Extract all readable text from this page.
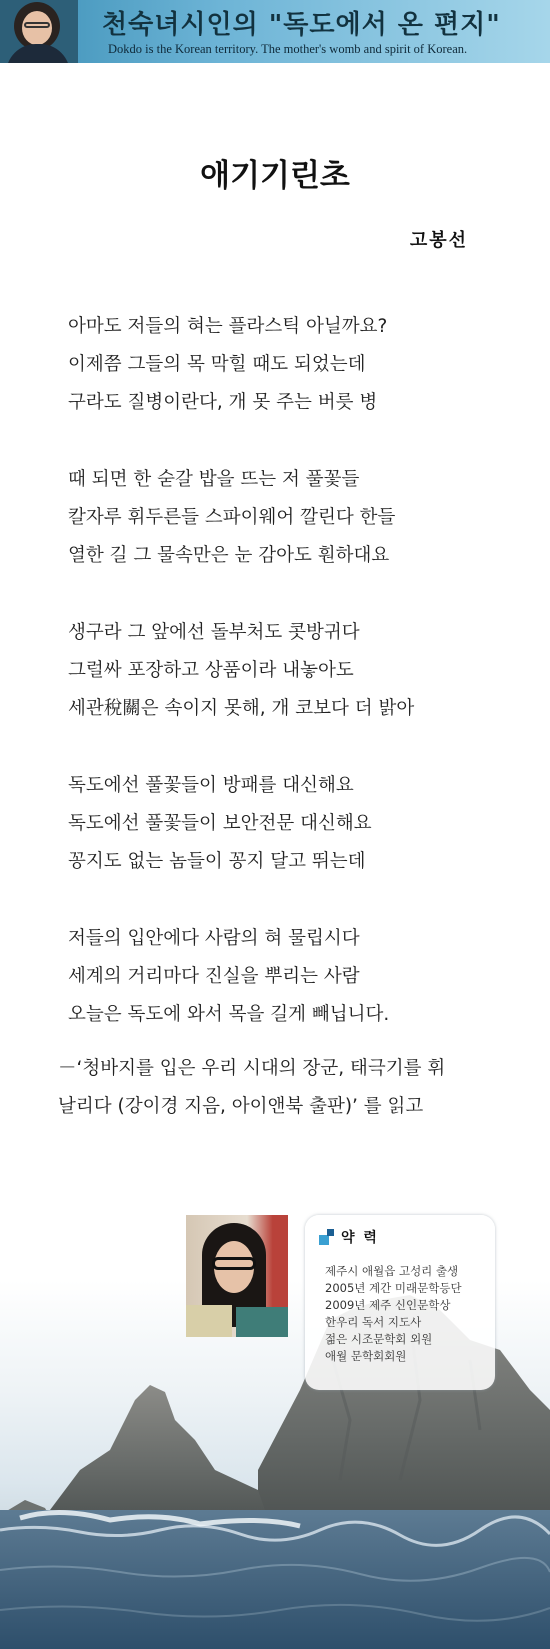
천숙녀시인의 "독도에서 온 편지"
Dokdo is the Korean territory. The mother's womb and spirit of Korean.
애기기린초
고봉선
아마도 저들의 혀는 플라스틱 아닐까요?
이제쯤 그들의 목 막힐 때도 되었는데
구라도 질병이란다, 개 못 주는 버릇 병
때 되면 한 숟갈 밥을 뜨는 저 풀꽃들
칼자루 휘두른들 스파이웨어 깔린다 한들
열한 길 그 물속만은 눈 감아도 훤하대요
생구라 그 앞에선 돌부처도 콧방귀다
그럴싸 포장하고 상품이라 내놓아도
세관稅關은 속이지 못해, 개 코보다 더 밝아
독도에선 풀꽃들이 방패를 대신해요
독도에선 풀꽃들이 보안전문 대신해요
꽁지도 없는 놈들이 꽁지 달고 뛰는데
저들의 입안에다 사람의 혀 물립시다
세계의 거리마다 진실을 뿌리는 사람
오늘은 독도에 와서 목을 길게 빼닙니다.
－‘청바지를 입은 우리 시대의 장군, 태극기를 휘
날리다 (강이경 지음, 아이앤북 출판)’ 를 읽고
약 력
제주시 애월읍 고성리 출생
2005년 계간 미래문학등단
2009년 제주 신인문학상
한우리 독서 지도사
젊은 시조문학회 외원
애월 문학회회원
